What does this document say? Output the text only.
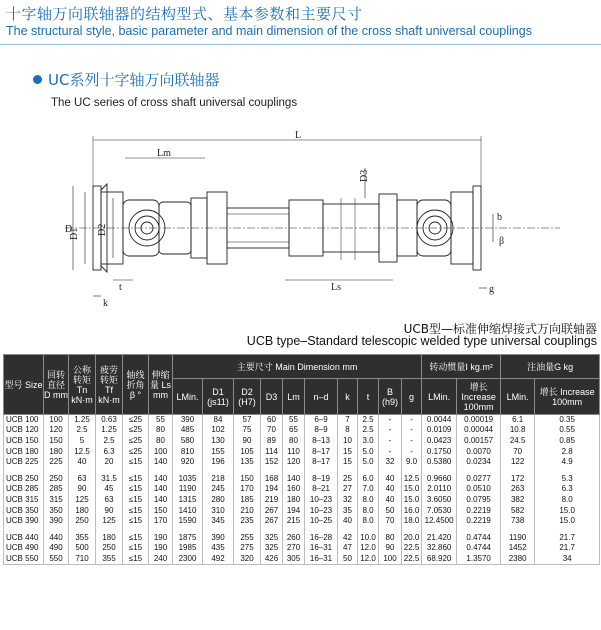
十字轴万向联轴器的结构型式、基本参数和主要尺寸
The structural style, basic parameter and main dimension of the cross shaft universal couplings
UC系列十字轴万向联轴器
The UC series of cross shaft universal couplings
L
Lm
D3
D
D1 D2
b
β
t
k
Ls	g
UCB型—标准伸缩焊接式万向联轴器
UCB type–Standard telescopic welded type universal couplings
型号 Size	回转直径 D mm	公称转矩 Tn kN·m	疲劳转矩 Tf kN·m	轴线折角 β °	伸缩量 Ls mm	主要尺寸 Main Dimension mm										转动惯量I kg.m²		注油量G kg	
						LMin.	D1 (js11)	D2 (H7)	D3	Lm	n–d	k	t	B (h9)	g	LMin.	增长 Increase 100mm	LMin.	增长 Increase 100mm
UCB 100	100	1.25	0.63	≤25	55	390	84	57	60	55	6–9	7	2.5	-	-	0.0044	0.00019	6.1	0.35
UCB 120	120	2.5	1.25	≤25	80	485	102	75	70	65	8–9	8	2.5	-	-	0.0109	0.00044	10.8	0.55
UCB 150	150	5	2.5	≤25	80	580	130	90	89	80	8–13	10	3.0	-	-	0.0423	0.00157	24.5	0.85
UCB 180	180	12.5	6.3	≤25	100	810	155	105	114	110	8–17	15	5.0	-	-	0.1750	0.0070	70	2.8
UCB 225	225	40	20	≤15	140	920	196	135	152	120	8–17	15	5.0	32	9.0	0.5380	0.0234	122	4.9

UCB 250	250	63	31.5	≤15	140	1035	218	150	168	140	8–19	25	6.0	40	12.5	0.9660	0.0277	172	5.3
UCB 285	285	90	45	≤15	140	1190	245	170	194	160	8–21	27	7.0	40	15.0	2.0110	0.0510	263	6.3
UCB 315	315	125	63	≤15	140	1315	280	185	219	180	10–23	32	8.0	40	15.0	3.6050	0.0795	382	8.0
UCB 350	350	180	90	≤15	150	1410	310	210	267	194	10–23	35	8.0	50	16.0	7.0530	0.2219	582	15.0
UCB 390	390	250	125	≤15	170	1590	345	235	267	215	10–25	40	8.0	70	18.0	12.4500	0.2219	738	15.0

UCB 440	440	355	180	≤15	190	1875	390	255	325	260	16–28	42	10.0	80	20.0	21.420	0.4744	1190	21.7
UCB 490	490	500	250	≤15	190	1985	435	275	325	270	16–31	47	12.0	90	22.5	32.860	0.4744	1452	21.7
UCB 550	550	710	355	≤15	240	2300	492	320	426	305	16–31	50	12.0	100	22.5	68.920	1.3570	2380	34
